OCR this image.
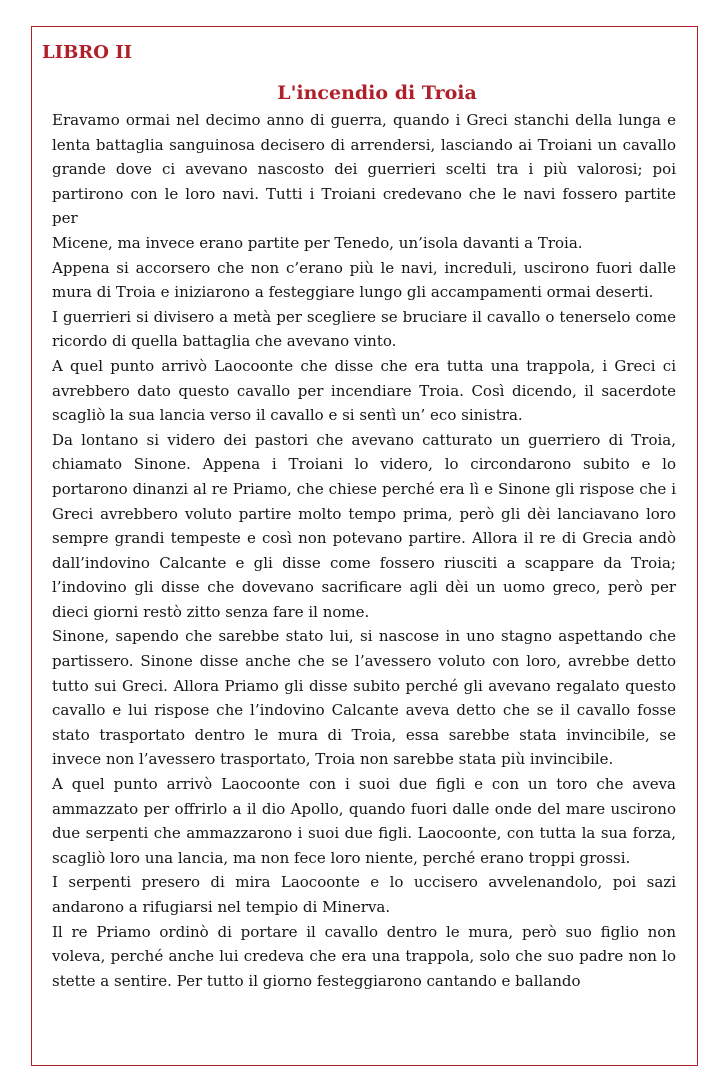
LIBRO II
L'incendio di Troia

Eravamo ormai nel decimo anno di guerra, quando i Greci stanchi della lunga e lenta battaglia sanguinosa decisero di arrendersi, lasciando ai Troiani un cavallo grande dove ci avevano nascosto dei guerrieri scelti tra i più valorosi; poi partirono con le loro navi. Tutti i Troiani credevano che le navi fossero partite per

Micene, ma invece erano partite per Tenedo, un’isola davanti a Troia.

Appena si accorsero che non c’erano più le navi, increduli, uscirono fuori dalle mura di Troia e iniziarono a festeggiare lungo gli accampamenti ormai deserti.

I guerrieri si divisero a metà per scegliere se bruciare il cavallo o tenerselo come ricordo di quella battaglia che avevano vinto.

A quel punto arrivò Laocoonte che disse che era tutta una trappola, i Greci ci avrebbero dato questo cavallo per incendiare Troia. Così dicendo, il sacerdote scagliò la sua lancia verso il cavallo e si sentì un’ eco sinistra.

Da lontano si videro dei pastori che avevano catturato un guerriero di Troia, chiamato Sinone. Appena i Troiani lo videro, lo circondarono subito e lo portarono dinanzi al re Priamo, che chiese perché era lì e Sinone gli rispose che i Greci avrebbero voluto partire molto tempo prima, però gli dèi lanciavano loro sempre grandi tempeste e così non potevano partire. Allora il re di Grecia andò dall’indovino Calcante e gli disse come fossero riusciti a scappare da Troia; l’indovino gli disse che dovevano sacrificare agli dèi un uomo greco, però per dieci giorni restò zitto senza fare il nome.

Sinone, sapendo che sarebbe stato lui, si nascose in uno stagno aspettando che partissero. Sinone disse anche che se l’avessero voluto con loro, avrebbe detto tutto sui Greci. Allora Priamo gli disse subito perché gli avevano regalato questo cavallo e lui rispose che l’indovino Calcante aveva detto che se il cavallo fosse stato trasportato dentro le mura di Troia, essa sarebbe stata invincibile, se invece non l’avessero trasportato, Troia non sarebbe stata più invincibile.

A quel punto arrivò Laocoonte con i suoi due figli e con un toro che aveva ammazzato per offrirlo a il dio Apollo, quando fuori dalle onde del mare uscirono due serpenti che ammazzarono i suoi due figli. Laocoonte, con tutta la sua forza, scagliò loro una lancia, ma non fece loro niente, perché erano troppi grossi.

I serpenti presero di mira Laocoonte e lo uccisero avvelenandolo, poi sazi andarono a rifugiarsi nel tempio di Minerva.

Il re Priamo ordinò di portare il cavallo dentro le mura, però suo figlio non voleva, perché anche lui credeva che era una trappola, solo che suo padre non lo stette a sentire. Per tutto il giorno festeggiarono cantando e ballando
